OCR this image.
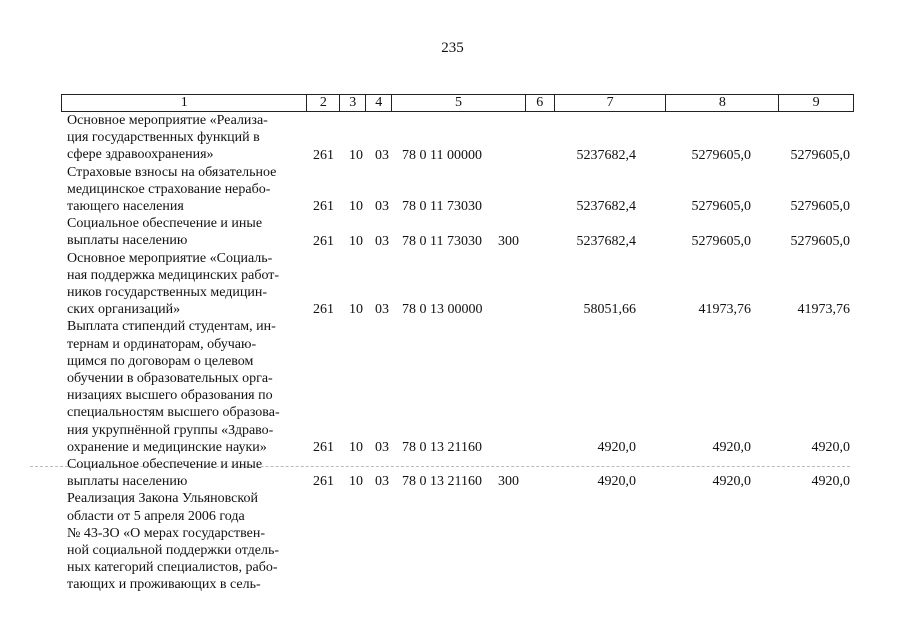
235
1	2	3	4	5	6	7	8	9
Основное мероприятие «Реализа-
ция государственных функций в
сфере здравоохранения»	261 10 03 78 0 11 00000	5237682,4	5279605,0	5279605,0
Страховые взносы на обязательное
медицинское страхование нерабо-
тающего населения	261 10 03 78 0 11 73030	5237682,4	5279605,0	5279605,0
Социальное обеспечение и иные
выплаты населению	261 10 03 78 0 11 73030 300	5237682,4	5279605,0	5279605,0
Основное мероприятие «Социаль-
ная поддержка медицинских работ-
ников государственных медицин-
ских организаций»	261 10 03 78 0 13 00000	58051,66	41973,76	41973,76
Выплата стипендий студентам, ин-
тернам и ординаторам, обучаю-
щимся по договорам о целевом
обучении в образовательных орга-
низациях высшего образования по
специальностям высшего образова-
ния укрупнённой группы «Здраво-
охранение и медицинские науки»	261 10 03 78 0 13 21160	4920,0	4920,0	4920,0
Социальное обеспечение и иные
выплаты населению	261 10 03 78 0 13 21160 300	4920,0	4920,0	4920,0
Реализация Закона Ульяновской
области от 5 апреля 2006 года
№ 43-ЗО «О мерах государствен-
ной социальной поддержки отдель-
ных категорий специалистов, рабо-
тающих и проживающих в сель-
